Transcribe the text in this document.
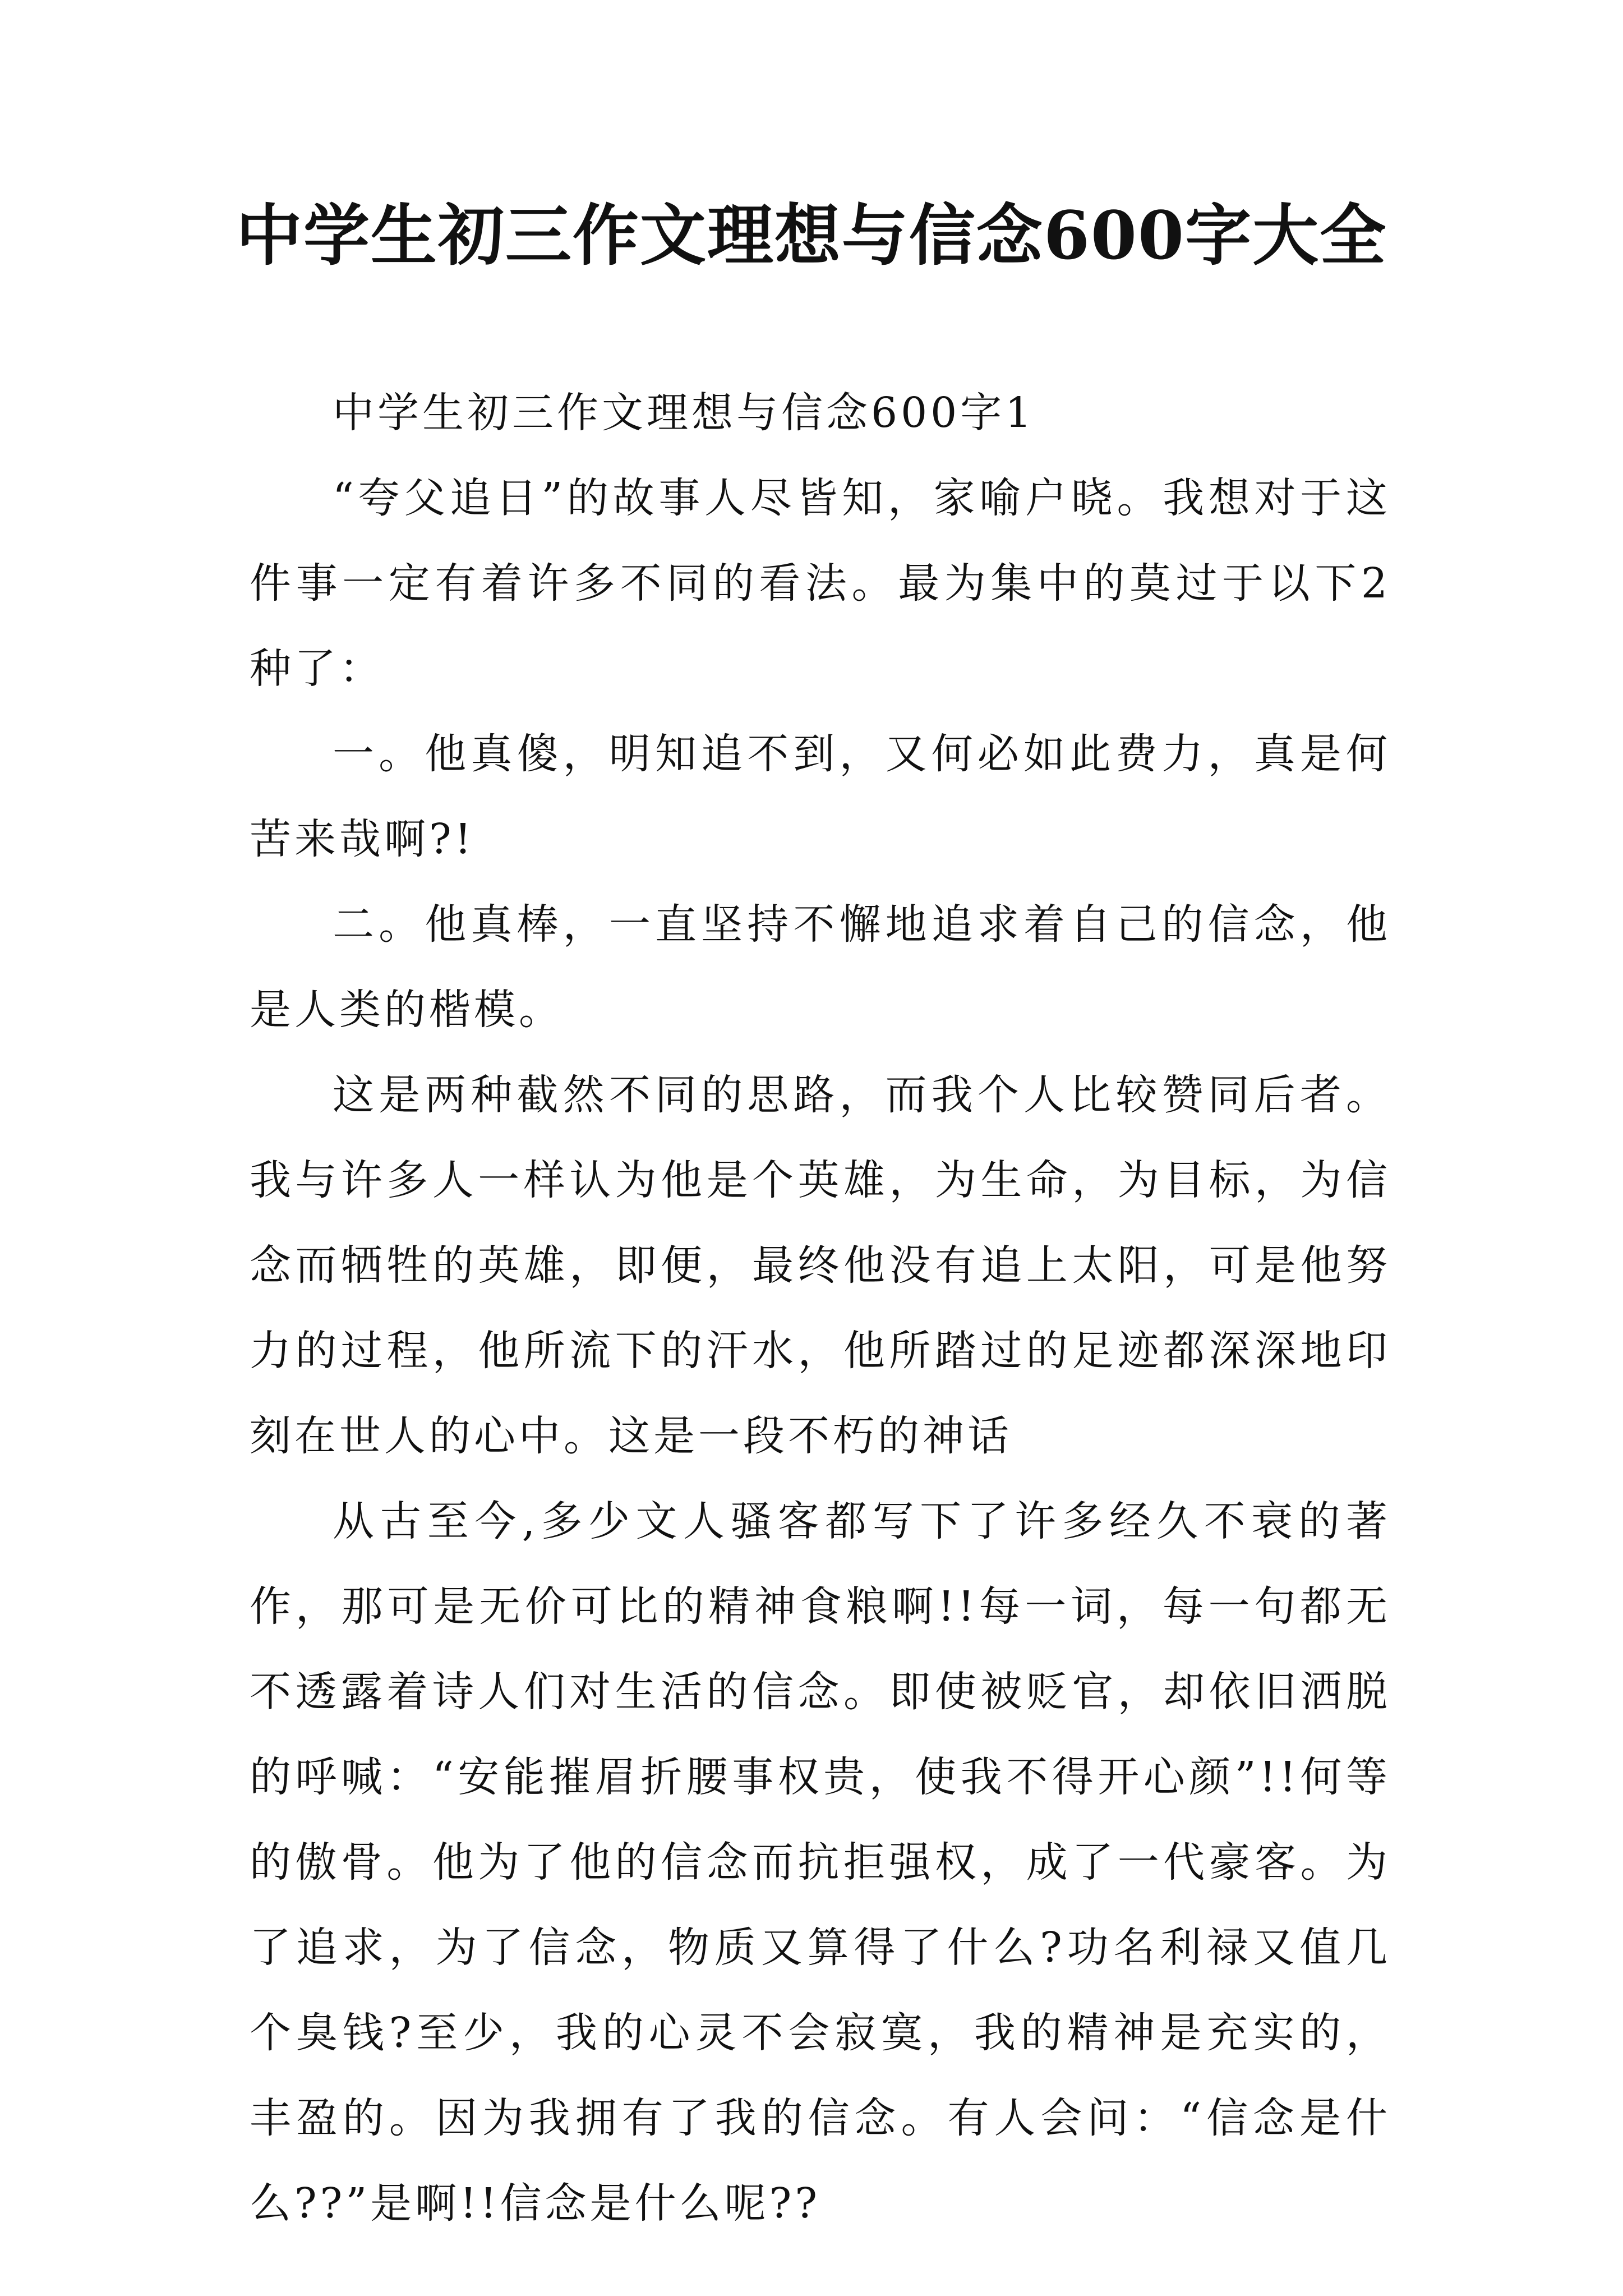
中学生初三作文理想与信念600字大全

中学生初三作文理想与信念600字1

“夸父追日”的故事人尽皆知，家喻户晓。我想对于这件事一定有着许多不同的看法。最为集中的莫过于以下2种了：

一。他真傻，明知追不到，又何必如此费力，真是何苦来哉啊?!

二。他真棒，一直坚持不懈地追求着自己的信念，他是人类的楷模。

这是两种截然不同的思路，而我个人比较赞同后者。我与许多人一样认为他是个英雄，为生命，为目标，为信念而牺牲的英雄，即便，最终他没有追上太阳，可是他努力的过程，他所流下的汗水，他所踏过的足迹都深深地印刻在世人的心中。这是一段不朽的神话

从古至今,多少文人骚客都写下了许多经久不衰的著作，那可是无价可比的精神食粮啊!!每一词，每一句都无不透露着诗人们对生活的信念。即使被贬官，却依旧洒脱的呼喊：“安能摧眉折腰事权贵，使我不得开心颜”!!何等的傲骨。他为了他的信念而抗拒强权，成了一代豪客。为了追求，为了信念，物质又算得了什么?功名利禄又值几个臭钱?至少，我的心灵不会寂寞，我的精神是充实的，丰盈的。因为我拥有了我的信念。有人会问：“信念是什么??”是啊!!信念是什么呢??
